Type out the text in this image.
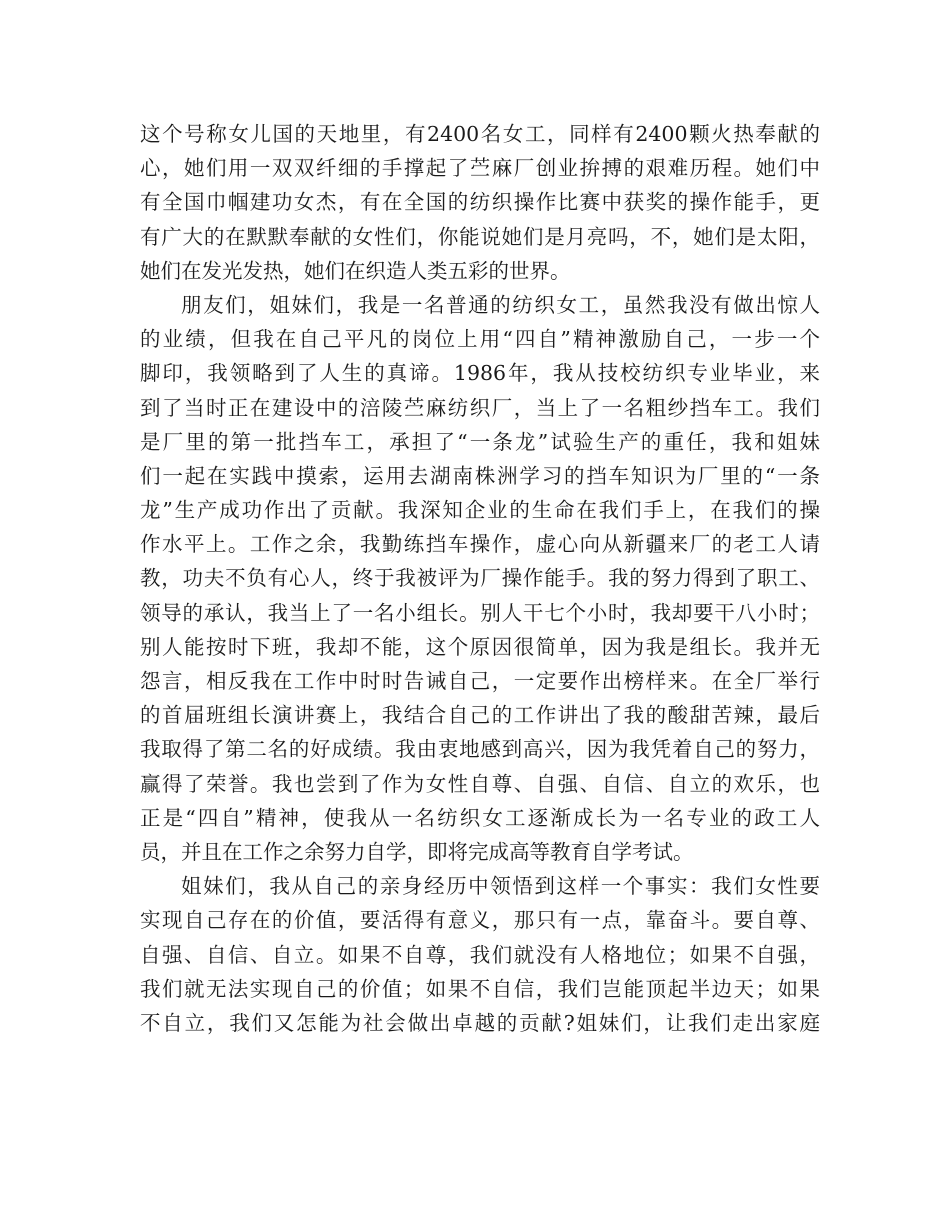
这个号称女儿国的天地里，有2400名女工，同样有2400颗火热奉献的
心，她们用一双双纤细的手撑起了苎麻厂创业拚搏的艰难历程。她们中
有全国巾帼建功女杰，有在全国的纺织操作比赛中获奖的操作能手，更
有广大的在默默奉献的女性们，你能说她们是月亮吗，不，她们是太阳，
她们在发光发热，她们在织造人类五彩的世界。
朋友们，姐妹们，我是一名普通的纺织女工，虽然我没有做出惊人
的业绩，但我在自己平凡的岗位上用“四自”精神激励自己，一步一个
脚印，我领略到了人生的真谛。1986年，我从技校纺织专业毕业，来
到了当时正在建设中的涪陵苎麻纺织厂，当上了一名粗纱挡车工。我们
是厂里的第一批挡车工，承担了“一条龙”试验生产的重任，我和姐妹
们一起在实践中摸索，运用去湖南株洲学习的挡车知识为厂里的“一条
龙”生产成功作出了贡献。我深知企业的生命在我们手上，在我们的操
作水平上。工作之余，我勤练挡车操作，虚心向从新疆来厂的老工人请
教，功夫不负有心人，终于我被评为厂操作能手。我的努力得到了职工、
领导的承认，我当上了一名小组长。别人干七个小时，我却要干八小时；
别人能按时下班，我却不能，这个原因很简单，因为我是组长。我并无
怨言，相反我在工作中时时告诫自己，一定要作出榜样来。在全厂举行
的首届班组长演讲赛上，我结合自己的工作讲出了我的酸甜苦辣，最后
我取得了第二名的好成绩。我由衷地感到高兴，因为我凭着自己的努力，
赢得了荣誉。我也尝到了作为女性自尊、自强、自信、自立的欢乐，也
正是“四自”精神，使我从一名纺织女工逐渐成长为一名专业的政工人
员，并且在工作之余努力自学，即将完成高等教育自学考试。
姐妹们，我从自己的亲身经历中领悟到这样一个事实：我们女性要
实现自己存在的价值，要活得有意义，那只有一点，靠奋斗。要自尊、
自强、自信、自立。如果不自尊，我们就没有人格地位；如果不自强，
我们就无法实现自己的价值；如果不自信，我们岂能顶起半边天；如果
不自立，我们又怎能为社会做出卓越的贡献?姐妹们，让我们走出家庭
